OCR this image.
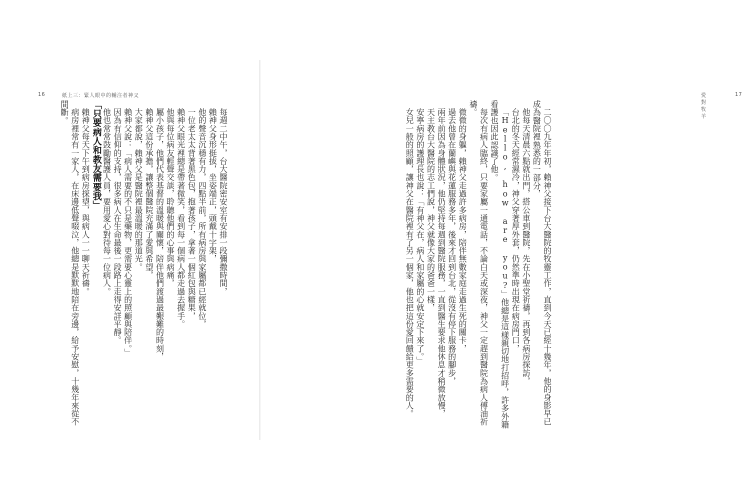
16	紙上三：緊人眼中的輔注者神父

每週二中午，台大醫院密安室有安排一段彌撒時間，

賴神父身形挺拔，坐姿端正，頭戴十字架，

他的聲音沉穩有力，四點半前，所有病房與家屬都已經就位，

一位老太太背著黑色包，抱著孩子，拿著一個紅包與糖果，

賴神父眼光裡總是帶著微笑，看到每一個病人都走過去握手。

他與每位病友輕聲交談，聆聽他們的心事與病痛，

屬小孩子，他們代表基督的溫暖與關懷，陪伴他們渡過最艱難的時刻，

賴神父這份承擔，讓整個醫院充滿了愛與希望，

大家都說，賴神父是醫院裡最溫暖的那道光。

賴神父說：「病人需要的不只是藥物，更需要心靈上的照顧與陪伴。」

因為有信仰的支持，很多病人在生命最後一段路上走得安詳平靜。

他也常常鼓勵醫護人員，要用愛心對待每一位病人。

「只要病人和教友需要我」

賴神父每天下午到病房探望，與病人一一聊天祈禱。

病房裡常有一家人，在床邊低聲啜泣，他總是默默地陪在旁邊，給予安慰，十幾年來從不間斷。

愛對牧羊
17

二〇〇九年年初，賴神父接下台大醫院的牧靈工作，直到今天已經十幾年，他的身影早已成為醫院裡熟悉的一部分，

他每天清晨六點就出門，搭公車到醫院，先在小聖堂祈禱，再到各病房探訪，

台北的冬天經常濕冷，神父穿著厚外套，仍然準時出現在病房門口，

「Hello, how are you?」他總是這樣親切地打招呼，許多外籍看護也因此認識了他。

每次有病人臨終，只要家屬一通電話，不論白天或深夜，神父一定趕到醫院為病人傅油祈禱。

微微的身軀，賴神父走過許多病房，陪伴無數家庭走過生死的關卡，

過去他曾在蘭嶼與花蓮服務多年，後來才回到台北，從沒有停下服務的腳步，

兩年前因為身體狀況，他仍堅持每週到醫院服務，一直到醫生要求他休息才稍微放慢，

天主教台大醫院的志工們說，神父就像大家的爸爸一樣，

安寧病房的護理長也說：「有神父在，病人和家屬的心就安定下來了。」

女兒一般的照顧，讓神父在醫院裡有了另一個家，他也把這份愛回饋給更多需要的人。
